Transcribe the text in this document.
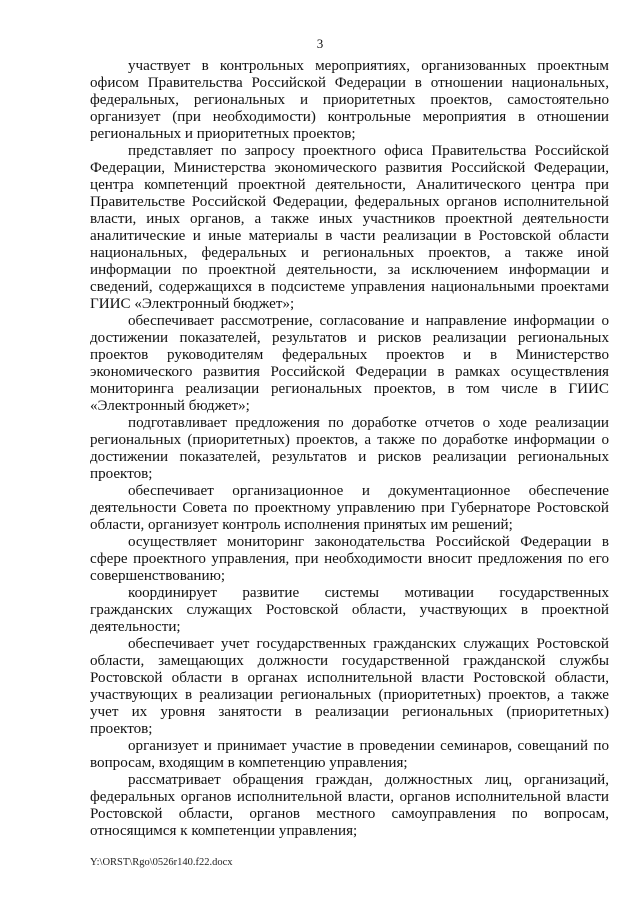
3

участвует в контрольных мероприятиях, организованных проектным офисом Правительства Российской Федерации в отношении национальных, федеральных, региональных и приоритетных проектов, самостоятельно организует (при необходимости) контрольные мероприятия в отношении региональных и приоритетных проектов;

представляет по запросу проектного офиса Правительства Российской Федерации, Министерства экономического развития Российской Федерации, центра компетенций проектной деятельности, Аналитического центра при Правительстве Российской Федерации, федеральных органов исполнительной власти, иных органов, а также иных участников проектной деятельности аналитические и иные материалы в части реализации в Ростовской области национальных, федеральных и региональных проектов, а также иной информации по проектной деятельности, за исключением информации и сведений, содержащихся в подсистеме управления национальными проектами ГИИС «Электронный бюджет»;

обеспечивает рассмотрение, согласование и направление информации о достижении показателей, результатов и рисков реализации региональных проектов руководителям федеральных проектов и в Министерство экономического развития Российской Федерации в рамках осуществления мониторинга реализации региональных проектов, в том числе в ГИИС «Электронный бюджет»;

подготавливает предложения по доработке отчетов о ходе реализации региональных (приоритетных) проектов, а также по доработке информации о достижении показателей, результатов и рисков реализации региональных проектов;

обеспечивает организационное и документационное обеспечение деятельности Совета по проектному управлению при Губернаторе Ростовской области, организует контроль исполнения принятых им решений;

осуществляет мониторинг законодательства Российской Федерации в сфере проектного управления, при необходимости вносит предложения по его совершенствованию;

координирует развитие системы мотивации государственных гражданских служащих Ростовской области, участвующих в проектной деятельности;

обеспечивает учет государственных гражданских служащих Ростовской области, замещающих должности государственной гражданской службы Ростовской области в органах исполнительной власти Ростовской области, участвующих в реализации региональных (приоритетных) проектов, а также учет их уровня занятости в реализации региональных (приоритетных) проектов;

организует и принимает участие в проведении семинаров, совещаний по вопросам, входящим в компетенцию управления;

рассматривает обращения граждан, должностных лиц, организаций, федеральных органов исполнительной власти, органов исполнительной власти Ростовской области, органов местного самоуправления по вопросам, относящимся к компетенции управления;

Y:\ORST\Rgo\0526r140.f22.docx
